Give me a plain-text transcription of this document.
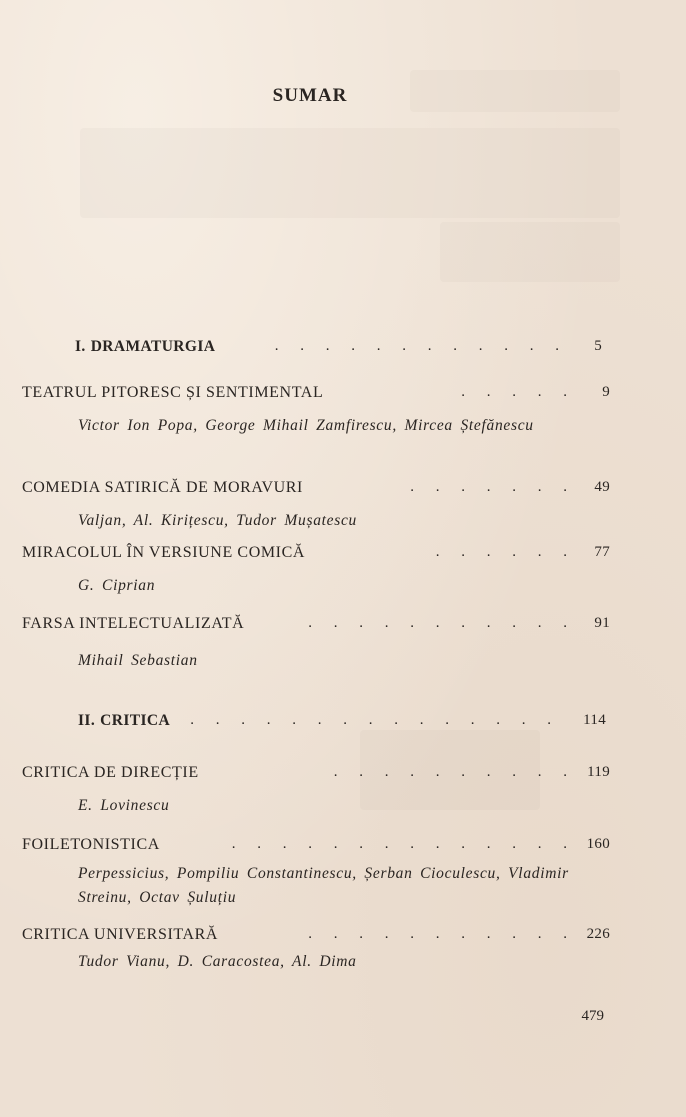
SUMAR
I. DRAMATURGIA	. . . . . . . . . . . . 5
TEATRUL PITORESC ȘI SENTIMENTAL	. . . . . 9
Victor Ion Popa, George Mihail Zamfirescu, Mircea Ștefănescu
COMEDIA SATIRICĂ DE MORAVURI	. . . . . . . 49
Valjan, Al. Kirițescu, Tudor Mușatescu
MIRACOLUL ÎN VERSIUNE COMICĂ	. . . . . . 77
G. Ciprian
FARSA INTELECTUALIZATĂ	. . . . . . . . . . . 91
Mihail Sebastian
II. CRITICA . . . . . . . . . . . . . . . 114
CRITICA DE DIRECȚIE	. . . . . . . . . . 119
E. Lovinescu
FOILETONISTICA	. . . . . . . . . . . . . . 160
Perpessicius, Pompiliu Constantinescu, Șerban Cioculescu, Vladimir Streinu, Octav Șuluțiu
CRITICA UNIVERSITARĂ	. . . . . . . . . . . 226
Tudor Vianu, D. Caracostea, Al. Dima
479
